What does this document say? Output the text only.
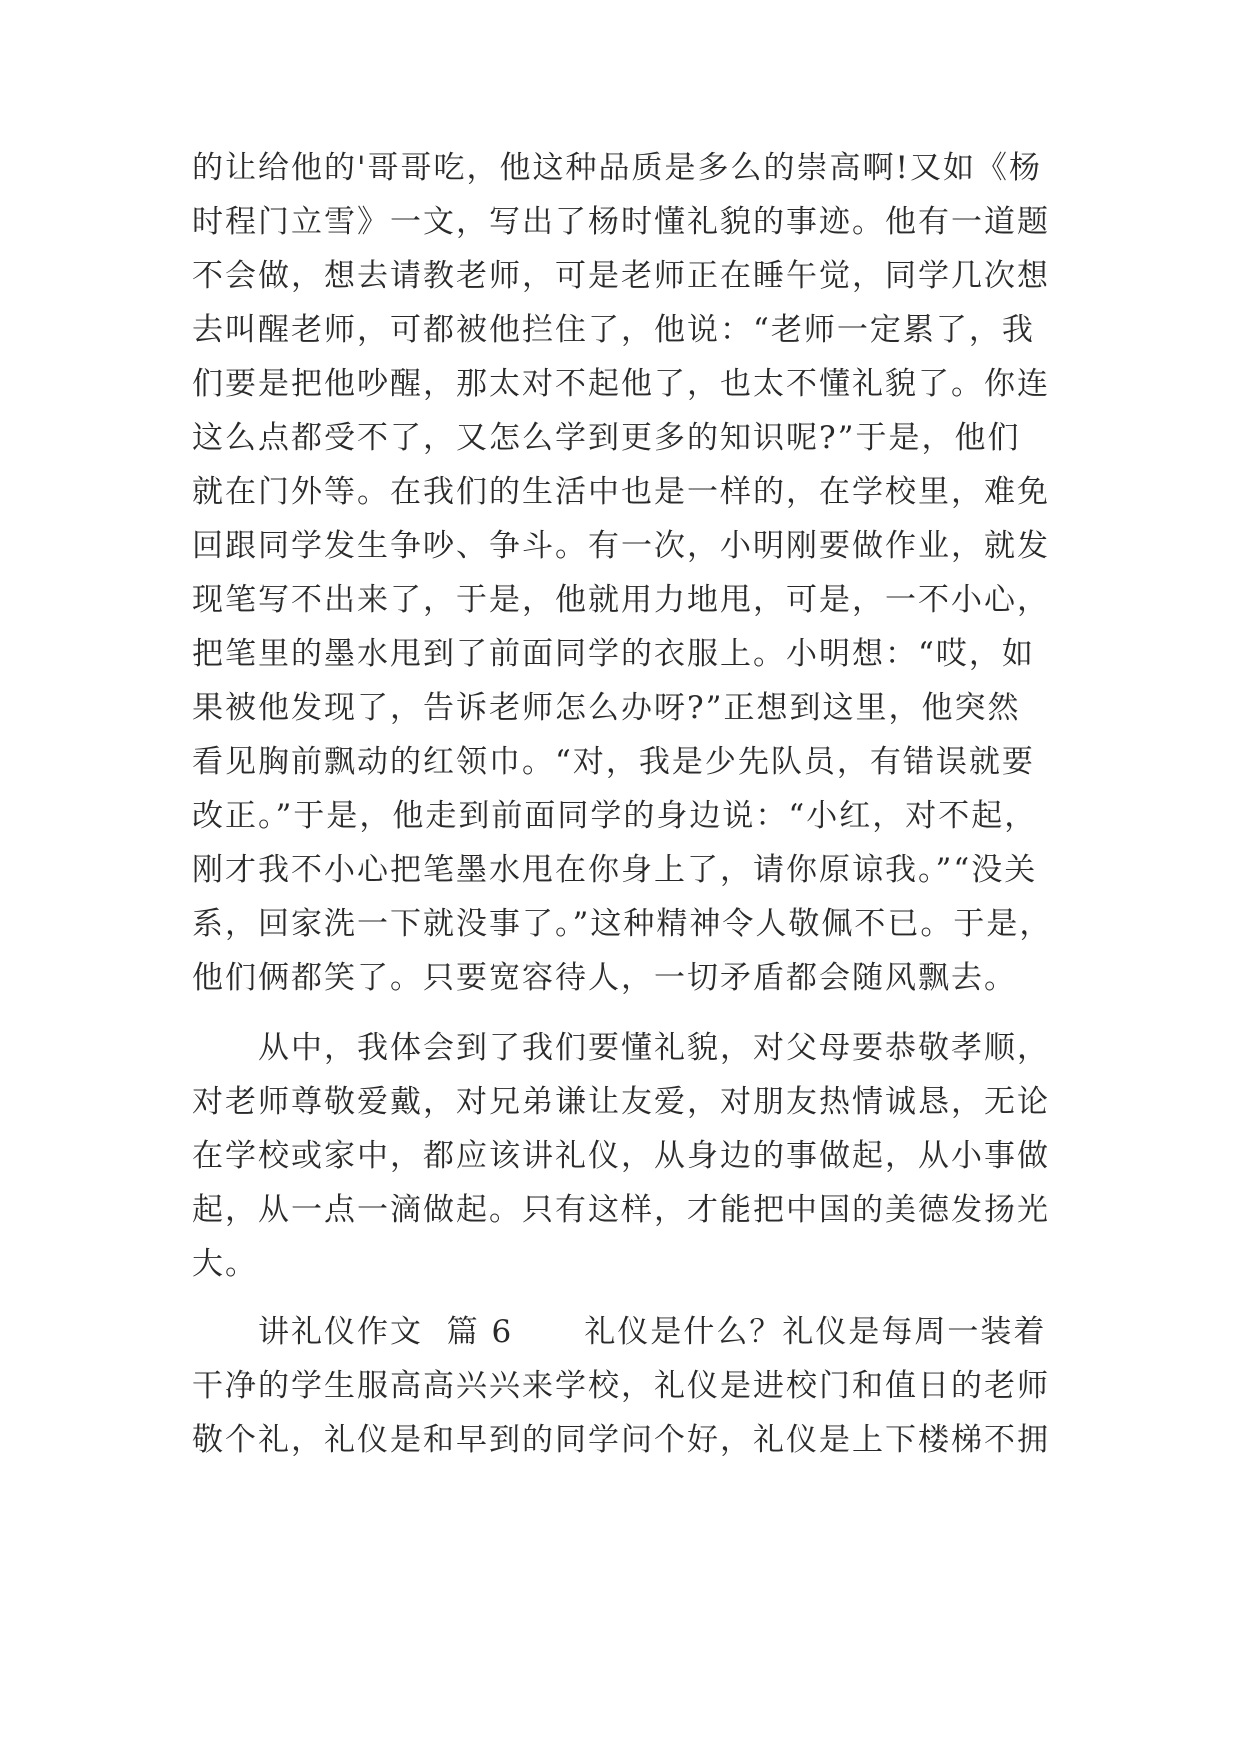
的让给他的'哥哥吃，他这种品质是多么的崇高啊!又如《杨

时程门立雪》一文，写出了杨时懂礼貌的事迹。他有一道题

不会做，想去请教老师，可是老师正在睡午觉，同学几次想

去叫醒老师，可都被他拦住了，他说：“老师一定累了，我

们要是把他吵醒，那太对不起他了，也太不懂礼貌了。你连

这么点都受不了，又怎么学到更多的知识呢?”于是，他们

就在门外等。在我们的生活中也是一样的，在学校里，难免

回跟同学发生争吵、争斗。有一次，小明刚要做作业，就发

现笔写不出来了，于是，他就用力地甩，可是，一不小心，

把笔里的墨水甩到了前面同学的衣服上。小明想：“哎，如

果被他发现了，告诉老师怎么办呀?”正想到这里，他突然

看见胸前飘动的红领巾。“对，我是少先队员，有错误就要

改正。”于是，他走到前面同学的身边说：“小红，对不起，

刚才我不小心把笔墨水甩在你身上了，请你原谅我。”“没关

系，回家洗一下就没事了。”这种精神令人敬佩不已。于是，

他们俩都笑了。只要宽容待人，一切矛盾都会随风飘去。

从中，我体会到了我们要懂礼貌，对父母要恭敬孝顺，

对老师尊敬爱戴，对兄弟谦让友爱，对朋友热情诚恳，无论

在学校或家中，都应该讲礼仪，从身边的事做起，从小事做

起，从一点一滴做起。只有这样，才能把中国的美德发扬光

大。

讲礼仪作文  篇 6      礼仪是什么？礼仪是每周一装着

干净的学生服高高兴兴来学校，礼仪是进校门和值日的老师

敬个礼，礼仪是和早到的同学问个好，礼仪是上下楼梯不拥
